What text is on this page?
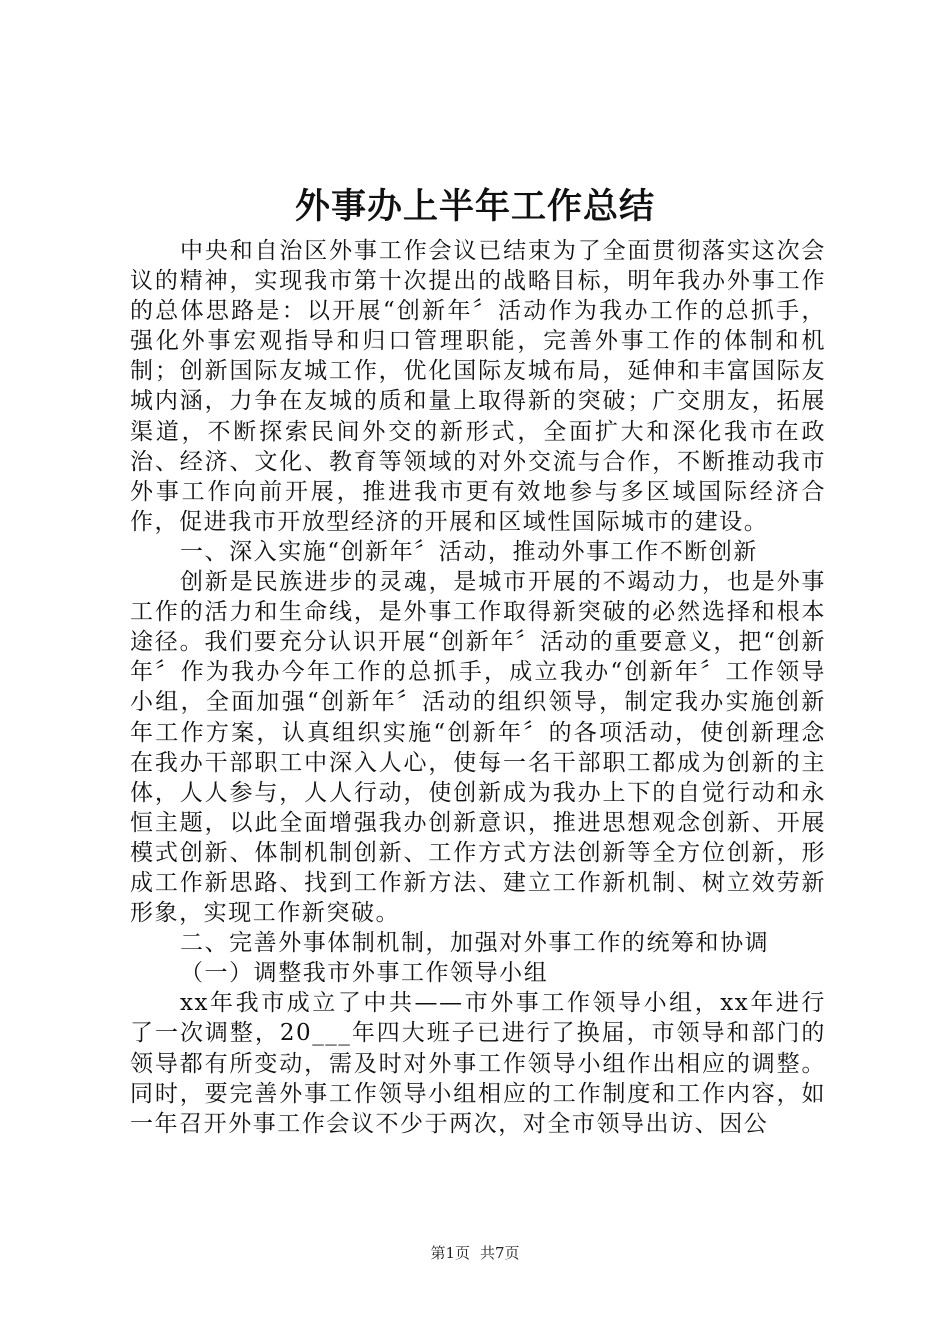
外事办上半年工作总结

中央和自治区外事工作会议已结束为了全面贯彻落实这次会议的精神，实现我市第十次提出的战略目标，明年我办外事工作的总体思路是：以开展“创新年〞活动作为我办工作的总抓手，强化外事宏观指导和归口管理职能，完善外事工作的体制和机制；创新国际友城工作，优化国际友城布局，延伸和丰富国际友城内涵，力争在友城的质和量上取得新的突破；广交朋友，拓展渠道，不断探索民间外交的新形式，全面扩大和深化我市在政治、经济、文化、教育等领域的对外交流与合作，不断推动我市外事工作向前开展，推进我市更有效地参与多区域国际经济合作，促进我市开放型经济的开展和区域性国际城市的建设。

一、深入实施“创新年〞活动，推动外事工作不断创新

创新是民族进步的灵魂，是城市开展的不竭动力，也是外事工作的活力和生命线，是外事工作取得新突破的必然选择和根本途径。我们要充分认识开展“创新年〞活动的重要意义，把“创新年〞作为我办今年工作的总抓手，成立我办“创新年〞工作领导小组，全面加强“创新年〞活动的组织领导，制定我办实施创新年工作方案，认真组织实施“创新年〞的各项活动，使创新理念在我办干部职工中深入人心，使每一名干部职工都成为创新的主体，人人参与，人人行动，使创新成为我办上下的自觉行动和永恒主题，以此全面增强我办创新意识，推进思想观念创新、开展模式创新、体制机制创新、工作方式方法创新等全方位创新，形成工作新思路、找到工作新方法、建立工作新机制、树立效劳新形象，实现工作新突破。

二、完善外事体制机制，加强对外事工作的统筹和协调

（一）调整我市外事工作领导小组

xx年我市成立了中共——市外事工作领导小组，xx年进行了一次调整，20___年四大班子已进行了换届，市领导和部门的领导都有所变动，需及时对外事工作领导小组作出相应的调整。同时，要完善外事工作领导小组相应的工作制度和工作内容，如一年召开外事工作会议不少于两次，对全市领导出访、因公

第1页 共7页
